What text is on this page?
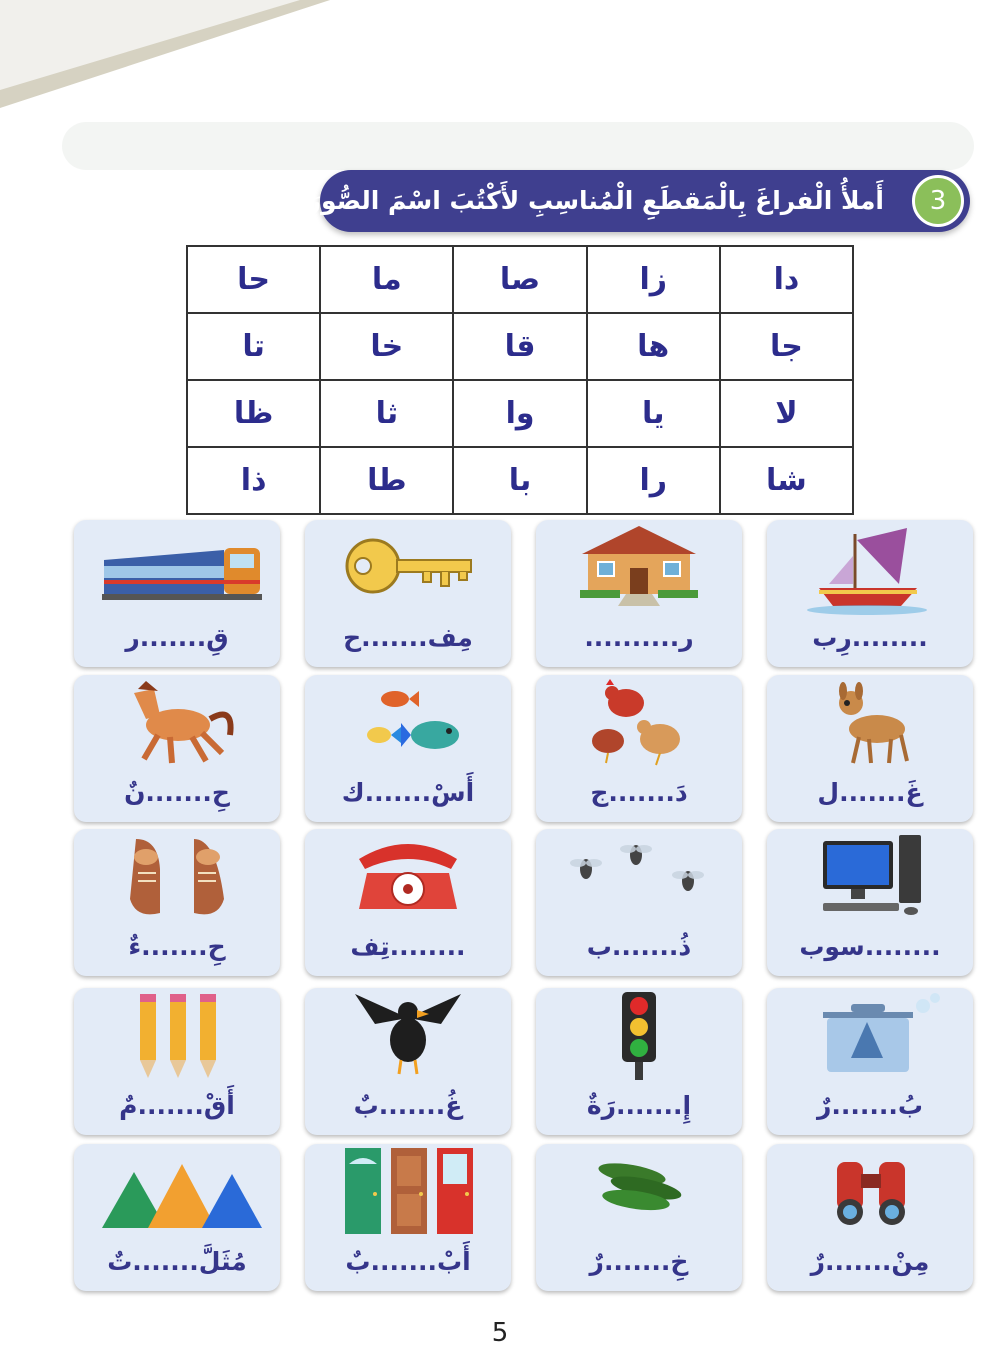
3
أَملأُ الْفراغَ بِالْمَقطَعِ الْمُناسِبِ لأَكْتُبَ اسْمَ الصُّورَةِ
دا	زا	صا	ما	حا
جا	ها	قا	خا	تا
لا	يا	وا	ثا	ظا
شا	را	با	طا	ذا
........رِب
ر..........
مِف.......ح
قِ.......ر
غَ.......ل
دَ.......ج
أَسْ.......ك
حِ.......نٌ
........سوب
ذُ.......ب
........تِف
حِ.......ءٌ
بُ.......رٌ
إِ.......رَةٌ
غُ.......بٌ
أَقْ.......مٌ
مِنْ.......رٌ
خِ.......رٌ
أَبْ.......بٌ
مُثَلَّ.......تٌ
5
